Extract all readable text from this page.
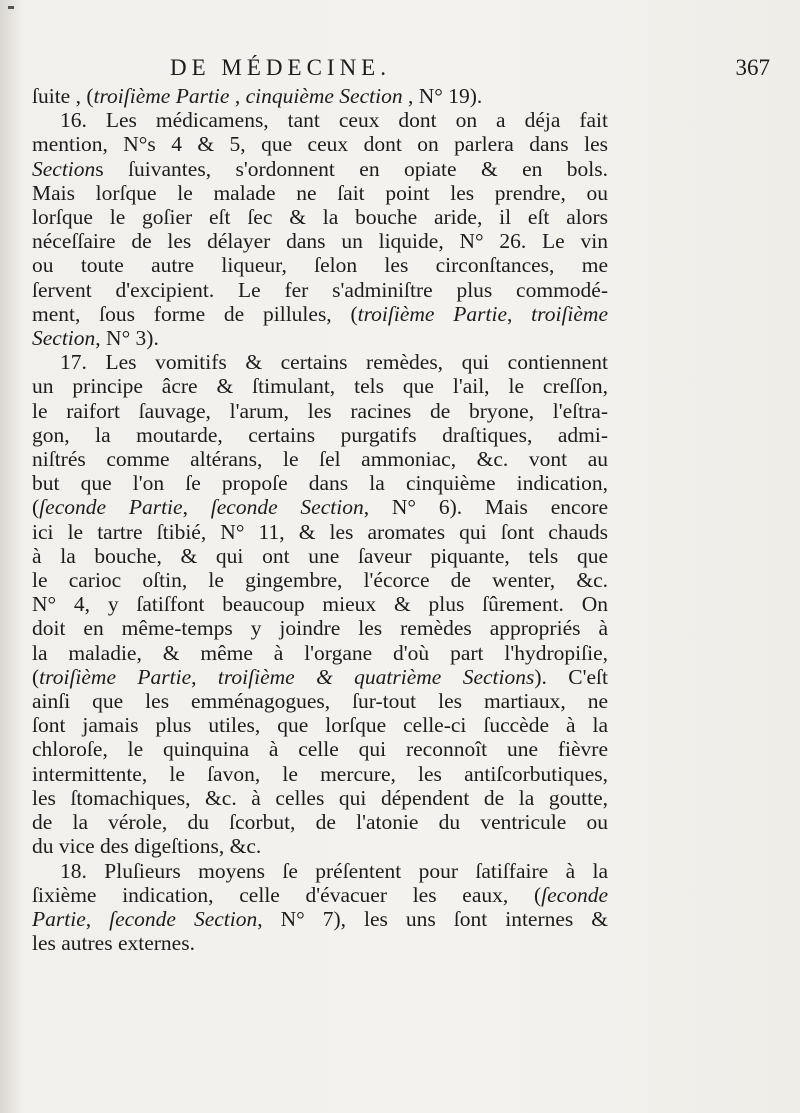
DE MÉDECINE.	367

ſuite , (troiſième Partie , cinquième Section , N° 19).

16. Les médicamens, tant ceux dont on a déja fait
mention, N°s 4 & 5, que ceux dont on parlera dans les
Sections ſuivantes, s'ordonnent en opiate & en bols.
Mais lorſque le malade ne ſait point les prendre, ou
lorſque le goſier eſt ſec & la bouche aride, il eſt alors
néceſſaire de les délayer dans un liquide, N° 26. Le vin
ou toute autre liqueur, ſelon les circonſtances, me
ſervent d'excipient. Le fer s'adminiſtre plus commodé-
ment, ſous forme de pillules, (troiſième Partie, troiſième
Section, N° 3).

17. Les vomitifs & certains remèdes, qui contiennent
un principe âcre & ſtimulant, tels que l'ail, le creſſon,
le raifort ſauvage, l'arum, les racines de bryone, l'eſtra-
gon, la moutarde, certains purgatifs draſtiques, admi-
niſtrés comme altérans, le ſel ammoniac, &c. vont au
but que l'on ſe propoſe dans la cinquième indication,
(ſeconde Partie, ſeconde Section, N° 6). Mais encore
ici le tartre ſtibié, N° 11, & les aromates qui ſont chauds
à la bouche, & qui ont une ſaveur piquante, tels que
le carioc oſtin, le gingembre, l'écorce de wenter, &c.
N° 4, y ſatiſfont beaucoup mieux & plus ſûrement. On
doit en même-temps y joindre les remèdes appropriés à
la maladie, & même à l'organe d'où part l'hydropiſie,
(troiſième Partie, troiſième & quatrième Sections). C'eſt
ainſi que les emménagogues, ſur-tout les martiaux, ne
ſont jamais plus utiles, que lorſque celle-ci ſuccède à la
chloroſe, le quinquina à celle qui reconnoît une fièvre
intermittente, le ſavon, le mercure, les antiſcorbutiques,
les ſtomachiques, &c. à celles qui dépendent de la goutte,
de la vérole, du ſcorbut, de l'atonie du ventricule ou
du vice des digeſtions, &c.

18. Pluſieurs moyens ſe préſentent pour ſatiſfaire à la
ſixième indication, celle d'évacuer les eaux, (ſeconde
Partie, ſeconde Section, N° 7), les uns ſont internes &
les autres externes.
